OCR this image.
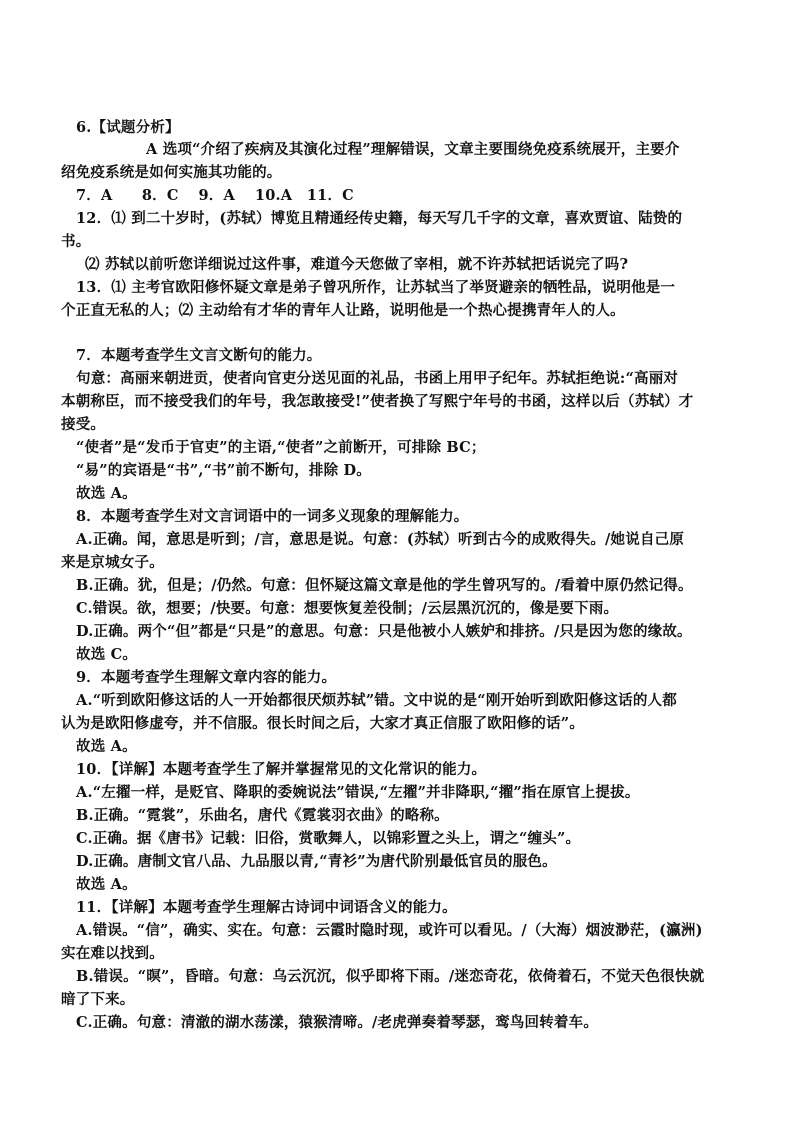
6.【试题分析】
A 选项“介绍了疾病及其演化过程”理解错误，文章主要围绕免疫系统展开，主要介
绍免疫系统是如何实施其功能的。
7．A　　8．C　 9．A　 10.A　11．C
12．⑴ 到二十岁时，(苏轼）博览且精通经传史籍，每天写几千字的文章，喜欢贾谊、陆贽的
书。
⑵ 苏轼以前听您详细说过这件事，难道今天您做了宰相，就不许苏轼把话说完了吗?
13．⑴ 主考官欧阳修怀疑文章是弟子曾巩所作，让苏轼当了举贤避亲的牺牲品，说明他是一
个正直无私的人；⑵ 主动给有才华的青年人让路，说明他是一个热心提携青年人的人。
7．本题考查学生文言文断句的能力。
句意：高丽来朝进贡，使者向官吏分送见面的礼品，书函上用甲子纪年。苏轼拒绝说:“高丽对
本朝称臣，而不接受我们的年号，我怎敢接受!”使者换了写熙宁年号的书函，这样以后（苏轼）才
接受。
“使者”是“发币于官吏”的主语,“使者”之前断开，可排除 BC；
“易”的宾语是“书”,“书”前不断句，排除 D。
故选 A。
8．本题考查学生对文言词语中的一词多义现象的理解能力。
A.正确。闻，意思是听到；/言，意思是说。句意：(苏轼）听到古今的成败得失。/她说自己原
来是京城女子。
B.正确。犹，但是；/仍然。句意：但怀疑这篇文章是他的学生曾巩写的。/看着中原仍然记得。
C.错误。欲，想要；/快要。句意：想要恢复差役制；/云层黑沉沉的，像是要下雨。
D.正确。两个“但”都是“只是”的意思。句意：只是他被小人嫉妒和排挤。/只是因为您的缘故。
故选 C。
9．本题考查学生理解文章内容的能力。
A.“听到欧阳修这话的人一开始都很厌烦苏轼”错。文中说的是“刚开始听到欧阳修这话的人都
认为是欧阳修虚夸，并不信服。很长时间之后，大家才真正信服了欧阳修的话”。
故选 A。
10．【详解】本题考查学生了解并掌握常见的文化常识的能力。
A.“左擢一样，是贬官、降职的委婉说法”错误,“左擢”并非降职,“擢”指在原官上提拔。
B.正确。“霓裳”，乐曲名，唐代《霓裳羽衣曲》的略称。
C.正确。据《唐书》记载：旧俗，赏歌舞人，以锦彩置之头上，谓之“缠头”。
D.正确。唐制文官八品、九品服以青,“青衫”为唐代阶别最低官员的服色。
故选 A。
11．【详解】本题考查学生理解古诗词中词语含义的能力。
A.错误。“信”，确实、实在。句意：云霞时隐时现，或许可以看见。/（大海）烟波渺茫，(瀛洲)
实在难以找到。
B.错误。“暝”，昏暗。句意：乌云沉沉，似乎即将下雨。/迷恋奇花，依倚着石，不觉天色很快就
暗了下来。
C.正确。句意：清澈的湖水荡漾，猿猴清啼。/老虎弹奏着琴瑟，鸾鸟回转着车。
